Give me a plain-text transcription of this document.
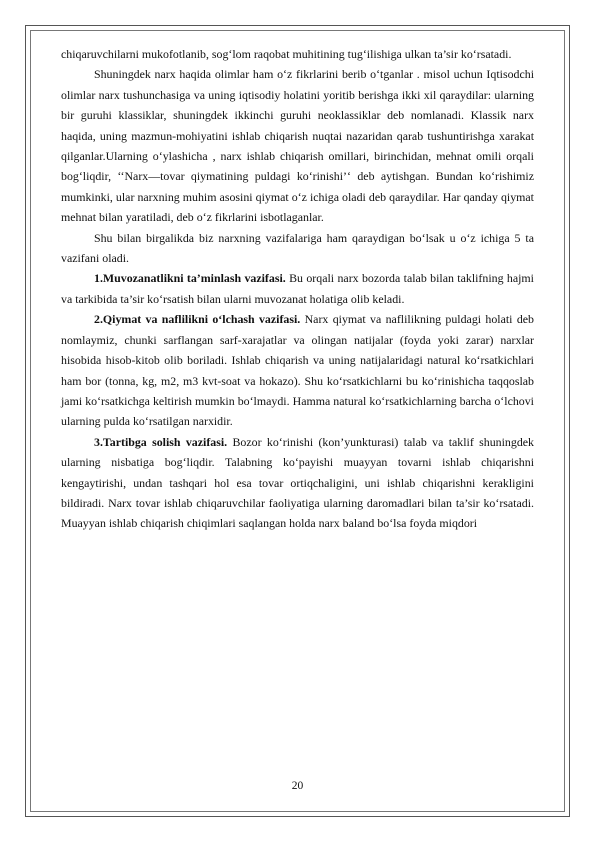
chiqaruvchilarni mukofotlanib, sog‘lom raqobat muhitining tug‘ilishiga ulkan ta’sir ko‘rsatadi.

Shuningdek narx haqida olimlar ham o‘z fikrlarini berib o‘tganlar . misol uchun Iqtisodchi olimlar narx tushunchasiga va uning iqtisodiy holatini yoritib berishga ikki xil qaraydilar: ularning bir guruhi klassiklar, shuningdek ikkinchi guruhi neoklassiklar deb nomlanadi. Klassik narx haqida, uning mazmun-mohiyatini ishlab chiqarish nuqtai nazaridan qarab tushuntirishga xarakat qilganlar.Ularning o‘ylashicha , narx ishlab chiqarish omillari, birinchidan, mehnat omili orqali bog‘liqdir, ‘‘Narx—tovar qiymatining puldagi ko‘rinishi’‘ deb aytishgan. Bundan ko‘rishimiz mumkinki, ular narxning muhim asosini qiymat o‘z ichiga oladi deb qaraydilar. Har qanday qiymat mehnat bilan yaratiladi, deb o‘z fikrlarini isbotlaganlar.

Shu bilan birgalikda biz narxning vazifalariga ham qaraydigan bo‘lsak u o‘z ichiga 5 ta vazifani oladi.

1.Muvozanatlikni ta’minlash vazifasi. Bu orqali narx bozorda talab bilan taklifning hajmi va tarkibida ta’sir ko‘rsatish bilan ularni muvozanat holatiga olib keladi.

2.Qiymat va naflilikni o‘lchash vazifasi. Narx qiymat va naflilikning puldagi holati deb nomlaymiz, chunki sarflangan sarf-xarajatlar va olingan natijalar (foyda yoki zarar) narxlar hisobida hisob-kitob olib boriladi. Ishlab chiqarish va uning natijalaridagi natural ko‘rsatkichlari ham bor (tonna, kg, m2, m3 kvt-soat va hokazo). Shu ko‘rsatkichlarni bu ko‘rinishicha taqqoslab jami ko‘rsatkichga keltirish mumkin bo‘lmaydi. Hamma natural ko‘rsatkichlarning barcha o‘lchovi ularning pulda ko‘rsatilgan narxidir.

3.Tartibga solish vazifasi. Bozor ko‘rinishi (kon’yunkturasi) talab va taklif shuningdek ularning nisbatiga bog‘liqdir. Talabning ko‘payishi muayyan tovarni ishlab chiqarishni kengaytirishi, undan tashqari hol esa tovar ortiqchaligini, uni ishlab chiqarishni kerakligini bildiradi. Narx tovar ishlab chiqaruvchilar faoliyatiga ularning daromadlari bilan ta’sir ko‘rsatadi. Muayyan ishlab chiqarish chiqimlari saqlangan holda narx baland bo‘lsa foyda miqdori

20
